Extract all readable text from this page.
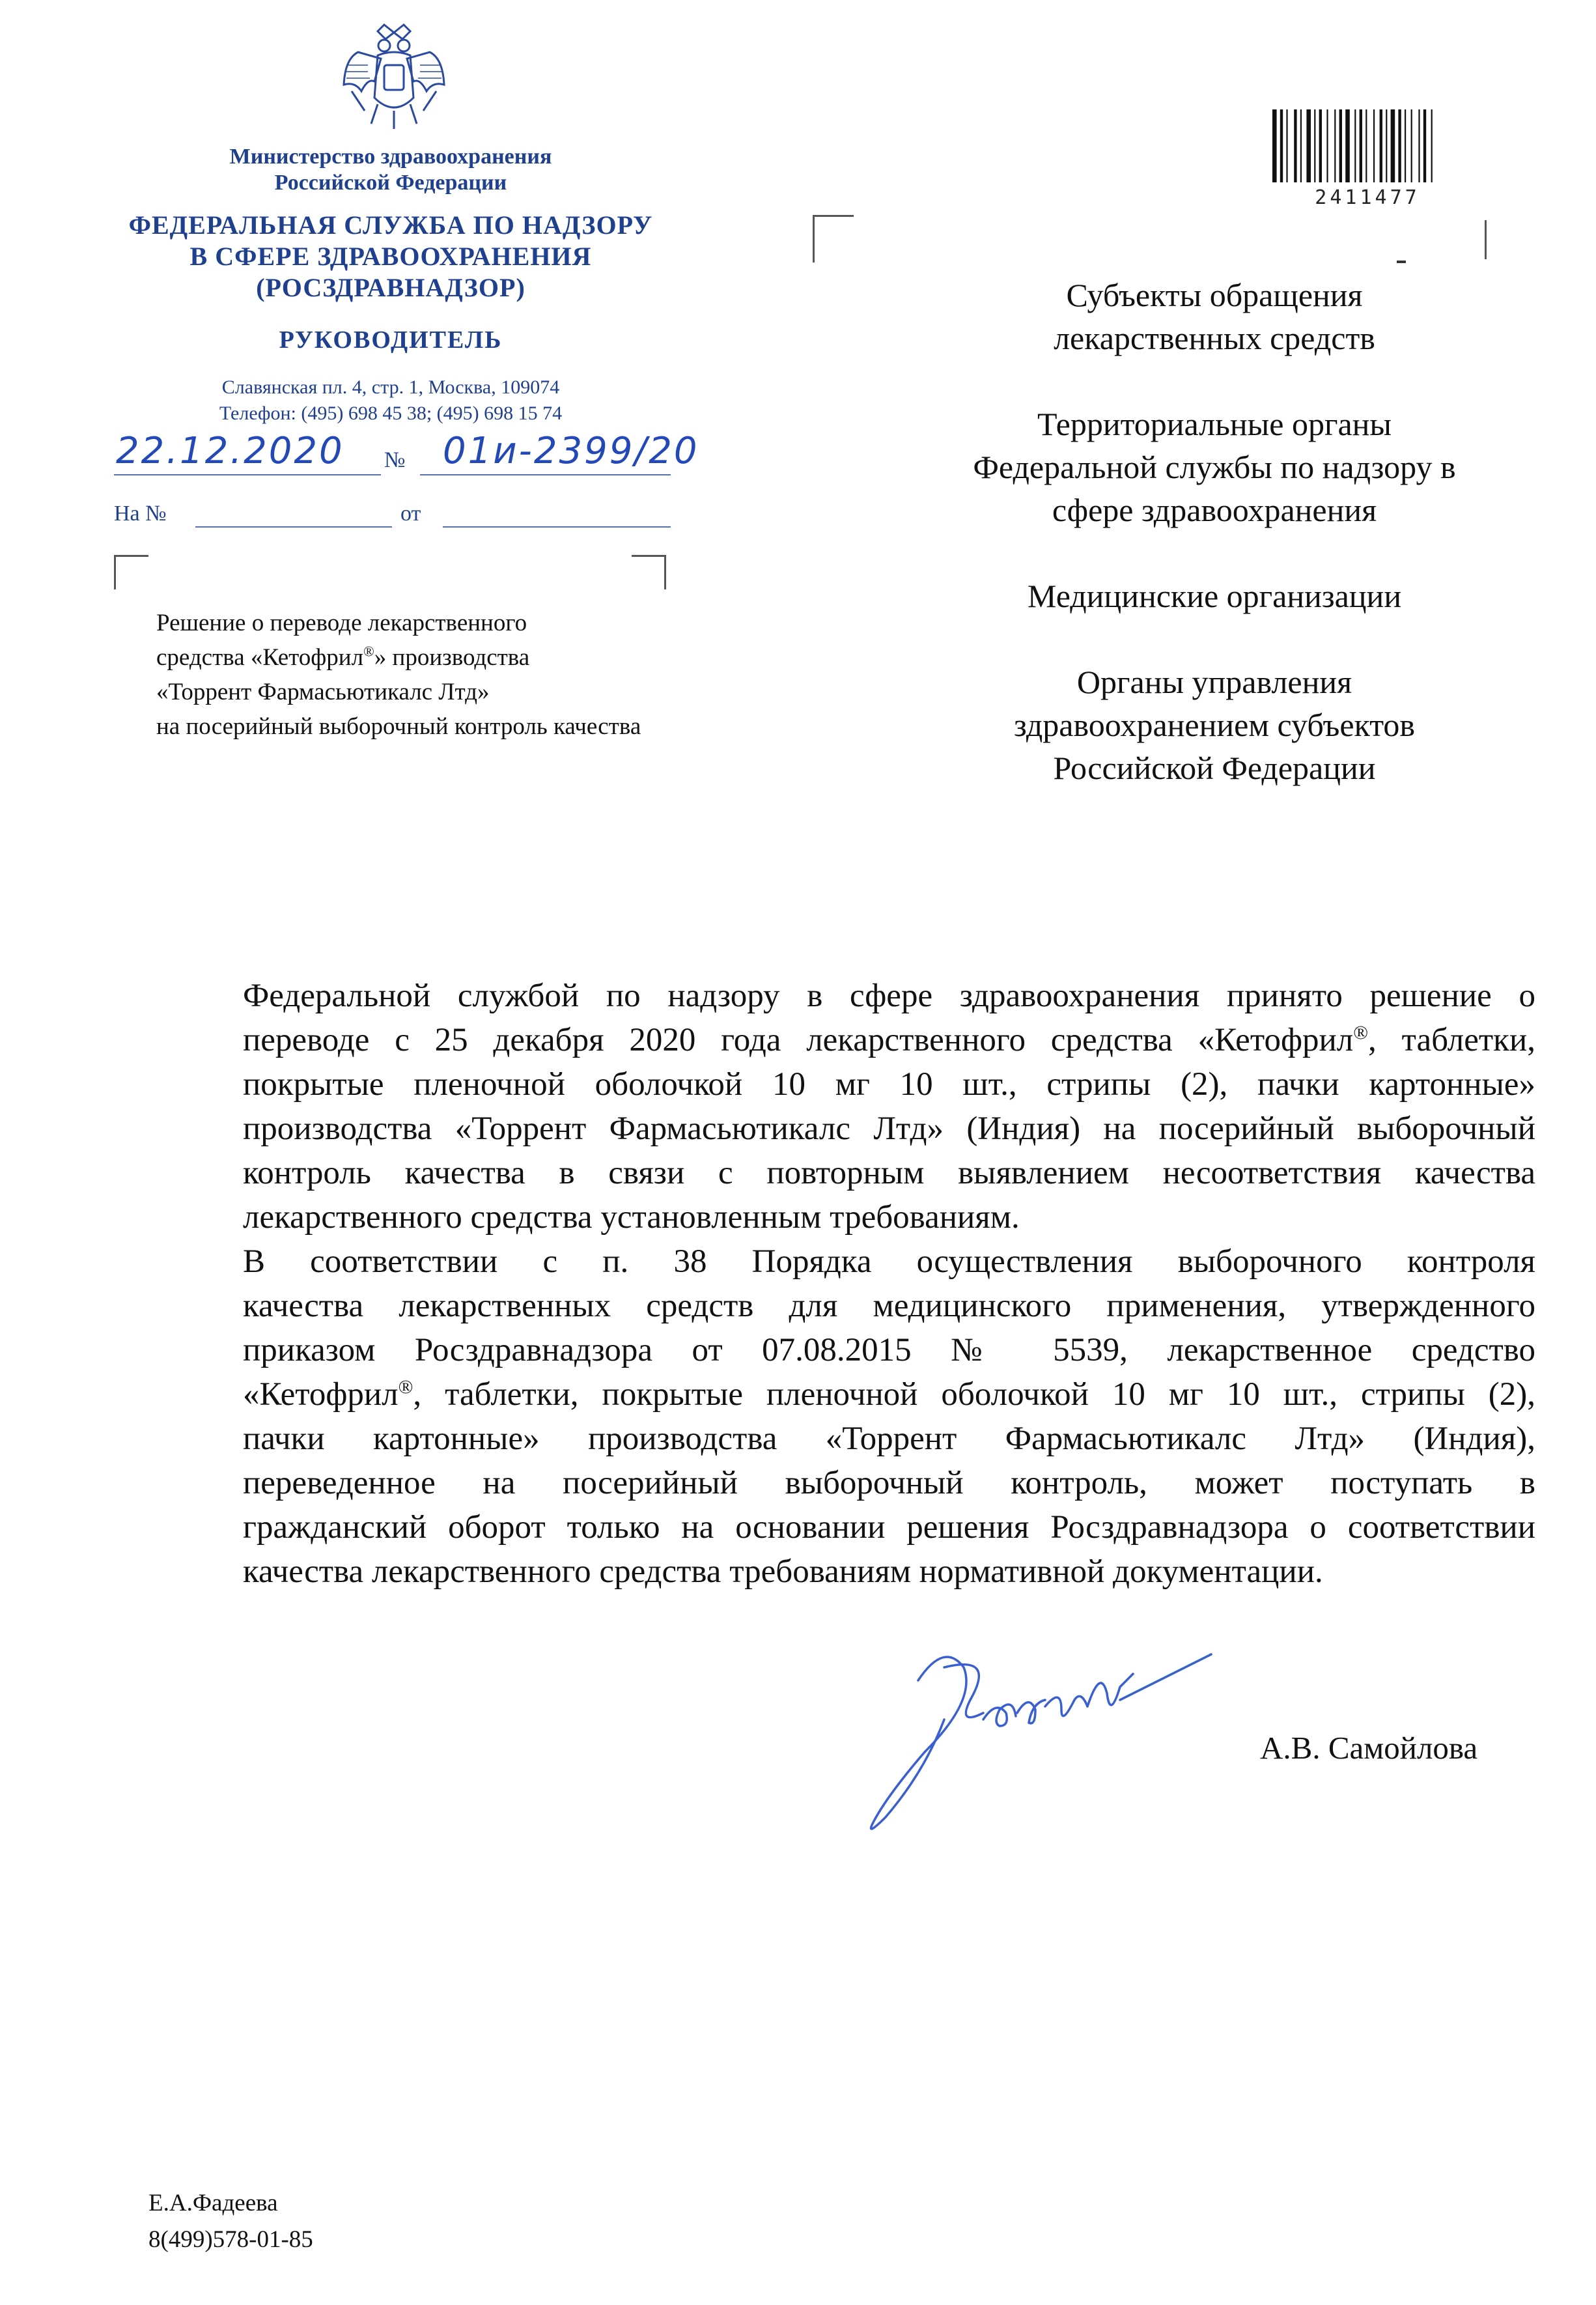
Министерство здравоохранения
Российской Федерации
ФЕДЕРАЛЬНАЯ СЛУЖБА ПО НАДЗОРУ
В СФЕРЕ ЗДРАВООХРАНЕНИЯ
(РОСЗДРАВНАДЗОР)
РУКОВОДИТЕЛЬ
Славянская пл. 4, стр. 1, Москва, 109074
Телефон: (495) 698 45 38; (495) 698 15 74
22.12.2020 № 01и-2399/20
На №	от
Решение о переводе лекарственного
средства «Кетофрил®» производства
«Торрент Фармасьютикалс Лтд»
на посерийный выборочный контроль качества
2411477
Субъекты обращения
лекарственных средств
Территориальные органы
Федеральной службы по надзору в
сфере здравоохранения
Медицинские организации
Органы управления
здравоохранением субъектов
Российской Федерации

Федеральной службой по надзору в сфере здравоохранения принято решение о
переводе с 25 декабря 2020 года лекарственного средства «Кетофрил®, таблетки,
покрытые пленочной оболочкой 10 мг 10 шт., стрипы (2), пачки картонные»
производства «Торрент Фармасьютикалс Лтд» (Индия) на посерийный выборочный
контроль качества в связи с повторным выявлением несоответствия качества
лекарственного средства установленным требованиям.

В соответствии с п. 38 Порядка осуществления выборочного контроля
качества лекарственных средств для медицинского применения, утвержденного
приказом Росздравнадзора от 07.08.2015 № 5539, лекарственное средство
«Кетофрил®, таблетки, покрытые пленочной оболочкой 10 мг 10 шт., стрипы (2),
пачки картонные» производства «Торрент Фармасьютикалс Лтд» (Индия),
переведенное на посерийный выборочный контроль, может поступать в
гражданский оборот только на основании решения Росздравнадзора о соответствии
качества лекарственного средства требованиям нормативной документации.

А.В. Самойлова
Е.А.Фадеева
8(499)578-01-85
